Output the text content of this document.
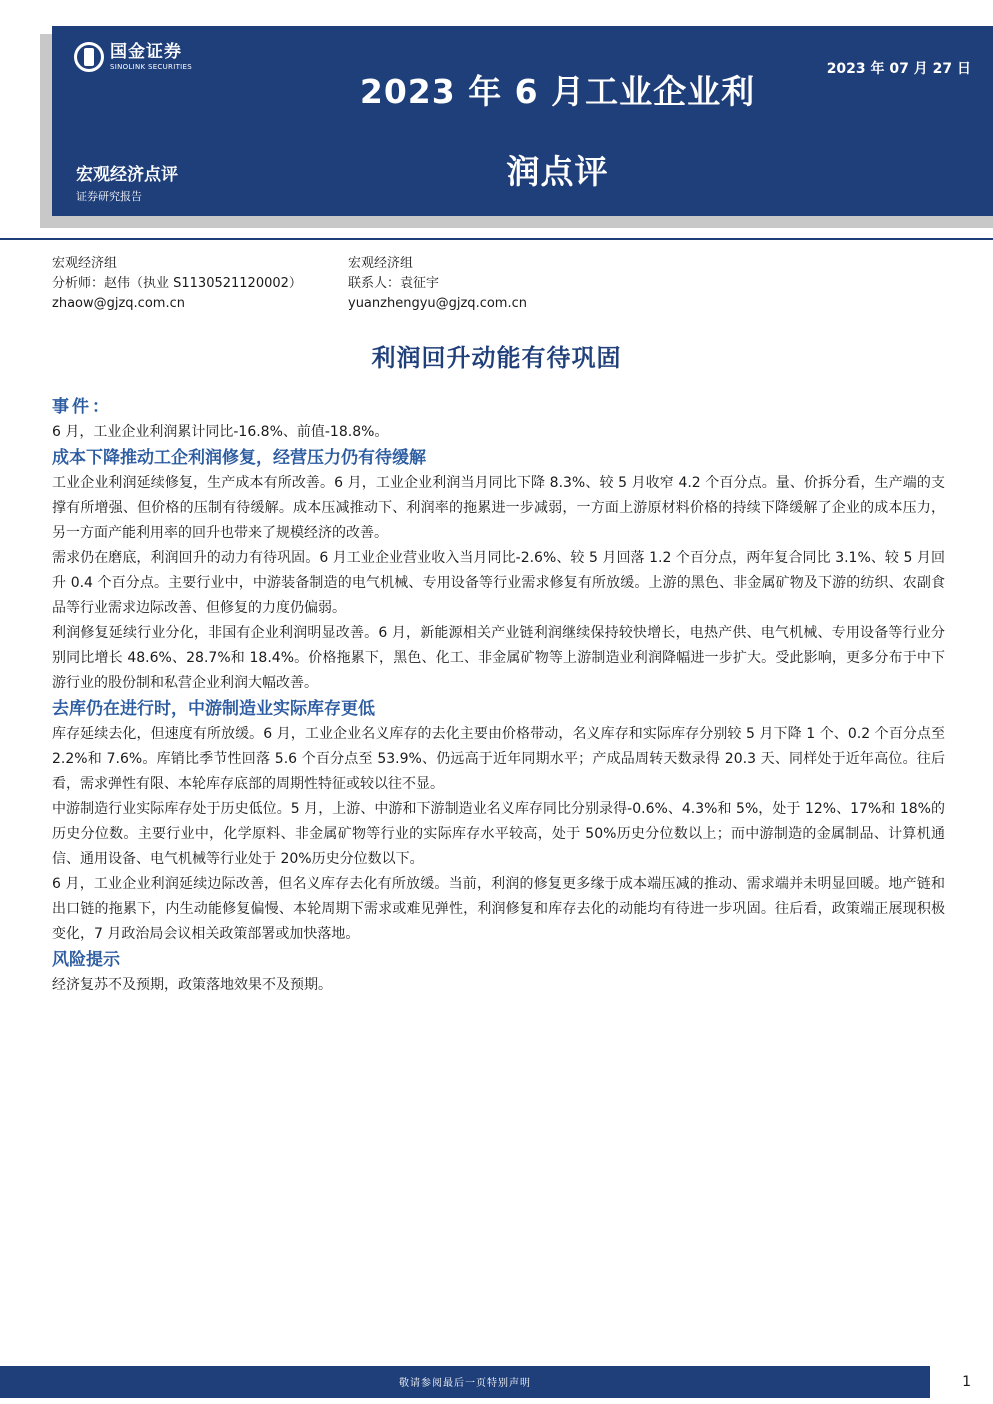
国金证券
SINOLINK SECURITIES
2023 年 6 月工业企业利
润点评
2023 年 07 月 27 日
宏观经济点评
证券研究报告
宏观经济组
分析师：赵伟（执业 S1130521120002）
zhaow@gjzq.com.cn
宏观经济组
联系人：袁征宇
yuanzhengyu@gjzq.com.cn
利润回升动能有待巩固
事件：

6 月，工业企业利润累计同比-16.8%、前值-18.8%。

成本下降推动工企利润修复，经营压力仍有待缓解

工业企业利润延续修复，生产成本有所改善。6 月，工业企业利润当月同比下降 8.3%、较 5 月收窄 4.2 个百分点。量、价拆分看，生产端的支撑有所增强、但价格的压制有待缓解。成本压减推动下、利润率的拖累进一步减弱，一方面上游原材料价格的持续下降缓解了企业的成本压力，另一方面产能利用率的回升也带来了规模经济的改善。

需求仍在磨底，利润回升的动力有待巩固。6 月工业企业营业收入当月同比-2.6%、较 5 月回落 1.2 个百分点，两年复合同比 3.1%、较 5 月回升 0.4 个百分点。主要行业中，中游装备制造的电气机械、专用设备等行业需求修复有所放缓。上游的黑色、非金属矿物及下游的纺织、农副食品等行业需求边际改善、但修复的力度仍偏弱。

利润修复延续行业分化，非国有企业利润明显改善。6 月，新能源相关产业链利润继续保持较快增长，电热产供、电气机械、专用设备等行业分别同比增长 48.6%、28.7%和 18.4%。价格拖累下，黑色、化工、非金属矿物等上游制造业利润降幅进一步扩大。受此影响，更多分布于中下游行业的股份制和私营企业利润大幅改善。

去库仍在进行时，中游制造业实际库存更低

库存延续去化，但速度有所放缓。6 月，工业企业名义库存的去化主要由价格带动，名义库存和实际库存分别较 5 月下降 1 个、0.2 个百分点至 2.2%和 7.6%。库销比季节性回落 5.6 个百分点至 53.9%、仍远高于近年同期水平；产成品周转天数录得 20.3 天、同样处于近年高位。往后看，需求弹性有限、本轮库存底部的周期性特征或较以往不显。

中游制造行业实际库存处于历史低位。5 月，上游、中游和下游制造业名义库存同比分别录得-0.6%、4.3%和 5%，处于 12%、17%和 18%的历史分位数。主要行业中，化学原料、非金属矿物等行业的实际库存水平较高，处于 50%历史分位数以上；而中游制造的金属制品、计算机通信、通用设备、电气机械等行业处于 20%历史分位数以下。

6 月，工业企业利润延续边际改善，但名义库存去化有所放缓。当前，利润的修复更多缘于成本端压减的推动、需求端并未明显回暖。地产链和出口链的拖累下，内生动能修复偏慢、本轮周期下需求或难见弹性，利润修复和库存去化的动能均有待进一步巩固。往后看，政策端正展现积极变化，7 月政治局会议相关政策部署或加快落地。

风险提示

经济复苏不及预期，政策落地效果不及预期。

敬请参阅最后一页特别声明	1
